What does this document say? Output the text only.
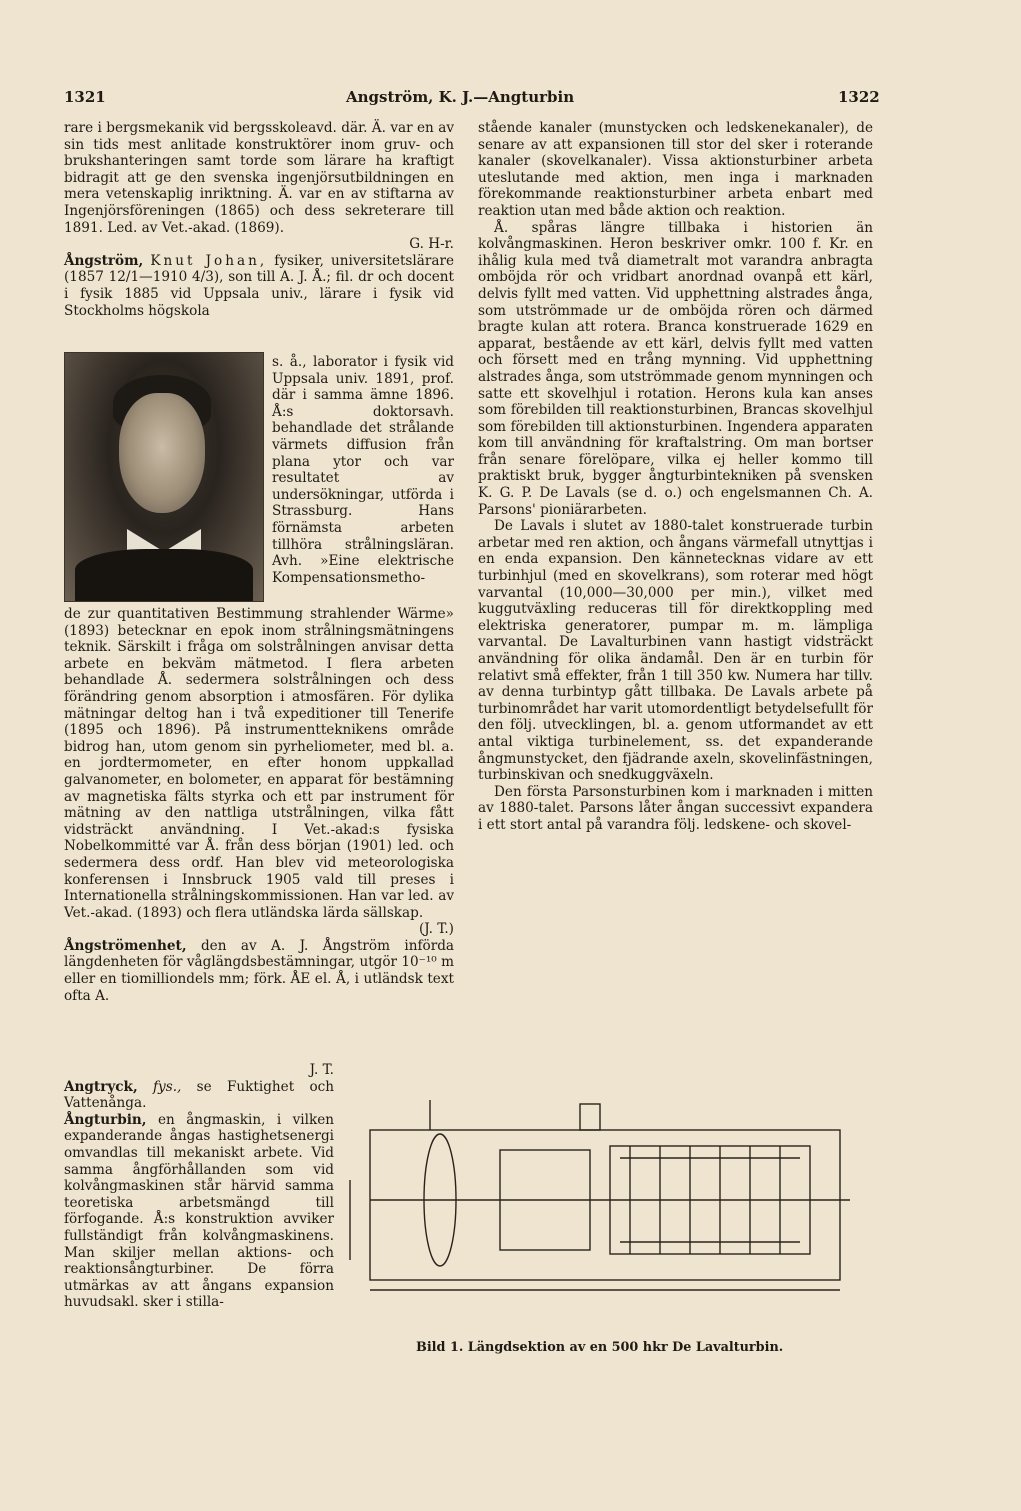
1321	Angström, K. J.—Angturbin	1322

rare i bergsmekanik vid bergsskoleavd. där. Ä. var en av sin tids mest anlitade konstruktörer inom gruv- och brukshanteringen samt torde som lärare ha kraftigt bidragit att ge den svenska ingenjörsutbildningen en mera vetenskaplig inriktning. Ä. var en av stiftarna av Ingenjörsföreningen (1865) och dess sekreterare till 1891. Led. av Vet.-akad. (1869).

G. H-r.

Ångström, Knut Johan, fysiker, universitetslärare (1857 12/1—1910 4/3), son till A. J. Å.; fil. dr och docent i fysik 1885 vid Uppsala univ., lärare i fysik vid Stockholms högskola

s. å., laborator i fysik vid Uppsala univ. 1891, prof. där i samma ämne 1896. Å:s doktorsavh. behandlade det strålande värmets diffusion från plana ytor och var resultatet av undersökningar, utförda i Strassburg. Hans förnämsta arbeten tillhöra strålningsläran. Avh. »Eine elektrische Kompensationsmetho-

de zur quantitativen Bestimmung strahlender Wärme» (1893) betecknar en epok inom strålningsmätningens teknik. Särskilt i fråga om solstrålningen anvisar detta arbete en bekväm mätmetod. I flera arbeten behandlade Å. sedermera solstrålningen och dess förändring genom absorption i atmosfären. För dylika mätningar deltog han i två expeditioner till Tenerife (1895 och 1896). På instrumentteknikens område bidrog han, utom genom sin pyrheliometer, med bl. a. en jordtermometer, en efter honom uppkallad galvanometer, en bolometer, en apparat för bestämning av magnetiska fälts styrka och ett par instrument för mätning av den nattliga utstrålningen, vilka fått vidsträckt användning. I Vet.-akad:s fysiska Nobelkommitté var Å. från dess början (1901) led. och sedermera dess ordf. Han blev vid meteorologiska konferensen i Innsbruck 1905 vald till preses i Internationella strålningskommissionen. Han var led. av Vet.-akad. (1893) och flera utländska lärda sällskap.

(J. T.)

Ångströmenhet, den av A. J. Ångström införda längdenheten för våglängdsbestämningar, utgör 10⁻¹⁰ m eller en tiomilliondels mm; förk. ÅE el. Å, i utländsk text ofta A.

J. T.

Angtryck, fys., se Fuktighet och Vattenånga.

Ångturbin, en ångmaskin, i vilken expanderande ångas hastighetsenergi omvandlas till mekaniskt arbete. Vid samma ångförhållanden som vid kolvångmaskinen står härvid samma teoretiska arbetsmängd till förfogande. Å:s konstruktion avviker fullständigt från kolvångmaskinens. Man skiljer mellan aktions- och reaktionsångturbiner. De förra utmärkas av att ångans expansion huvudsakl. sker i stilla-

stående kanaler (munstycken och ledskenekanaler), de senare av att expansionen till stor del sker i roterande kanaler (skovelkanaler). Vissa aktionsturbiner arbeta uteslutande med aktion, men inga i marknaden förekommande reaktionsturbiner arbeta enbart med reaktion utan med både aktion och reaktion.

Å. spåras längre tillbaka i historien än kolvångmaskinen. Heron beskriver omkr. 100 f. Kr. en ihålig kula med två diametralt mot varandra anbragta omböjda rör och vridbart anordnad ovanpå ett kärl, delvis fyllt med vatten. Vid upphettning alstrades ånga, som utströmmade ur de omböjda rören och därmed bragte kulan att rotera. Branca konstruerade 1629 en apparat, bestående av ett kärl, delvis fyllt med vatten och försett med en trång mynning. Vid upphettning alstrades ånga, som utströmmade genom mynningen och satte ett skovelhjul i rotation. Herons kula kan anses som förebilden till reaktionsturbinen, Brancas skovelhjul som förebilden till aktionsturbinen. Ingendera apparaten kom till användning för kraftalstring. Om man bortser från senare förelöpare, vilka ej heller kommo till praktiskt bruk, bygger ångturbintekniken på svensken K. G. P. De Lavals (se d. o.) och engelsmannen Ch. A. Parsons' pioniärarbeten.

De Lavals i slutet av 1880-talet konstruerade turbin arbetar med ren aktion, och ångans värmefall utnyttjas i en enda expansion. Den kännetecknas vidare av ett turbinhjul (med en skovelkrans), som roterar med högt varvantal (10,000—30,000 per min.), vilket med kuggutväxling reduceras till för direktkoppling med elektriska generatorer, pumpar m. m. lämpliga varvantal. De Lavalturbinen vann hastigt vidsträckt användning för olika ändamål. Den är en turbin för relativt små effekter, från 1 till 350 kw. Numera har tillv. av denna turbintyp gått tillbaka. De Lavals arbete på turbinområdet har varit utomordentligt betydelsefullt för den följ. utvecklingen, bl. a. genom utformandet av ett antal viktiga turbinelement, ss. det expanderande ångmunstycket, den fjädrande axeln, skovelinfästningen, turbinskivan och snedkuggväxeln.

Den första Parsonsturbinen kom i marknaden i mitten av 1880-talet. Parsons låter ångan successivt expandera i ett stort antal på varandra följ. ledskene- och skovel-

Bild 1. Längdsektion av en 500 hkr De Lavalturbin.
